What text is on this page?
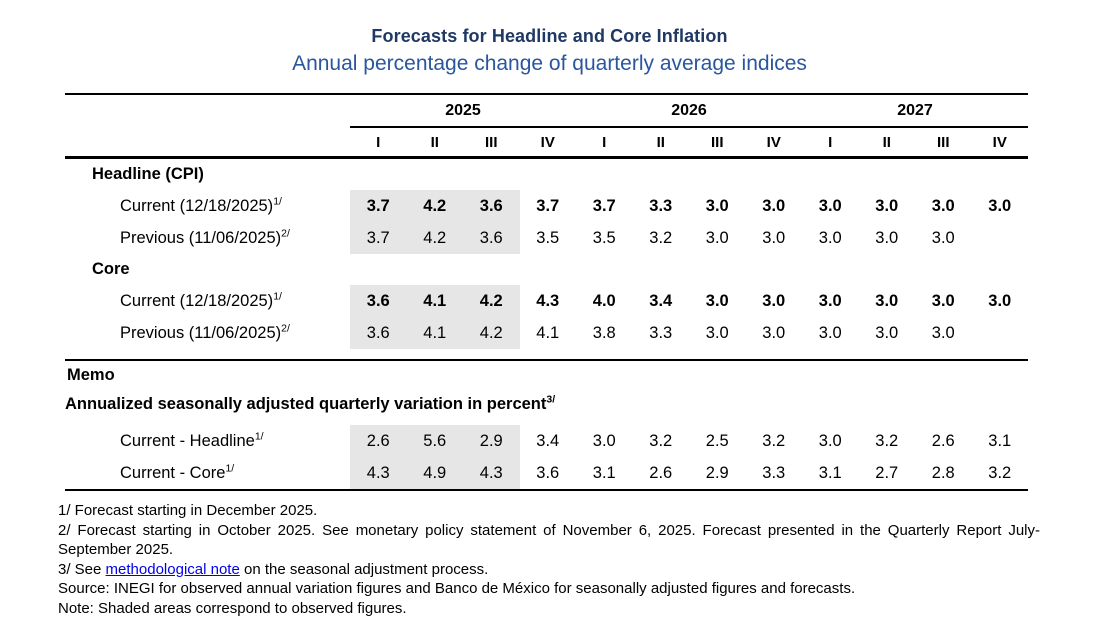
Forecasts for Headline and Core Inflation
Annual percentage change of quarterly average indices
2025	2026	2027
I	II	III	IV	I	II	III	IV	I	II	III	IV
Headline (CPI)
Current $(12/18/2025)^{1/}$	3.7	4.2	3.6	3.7	3.7	3.3	3.0	3.0	3.0	3.0	3.0	3.0
Previous $(11/06/2025)^{2/}$	3.7	4.2	3.6	3.5	3.5	3.2	3.0	3.0	3.0	3.0	3.0
Core
Current $(12/18/2025)^{1/}$	3.6	4.1	4.2	4.3	4.0	3.4	3.0	3.0	3.0	3.0	3.0	3.0
Previous $(11/06/2025)^{2/}$	3.6	4.1	4.2	4.1	3.8	3.3	3.0	3.0	3.0	3.0	3.0
Memo
Annualized seasonally adjusted quarterly variation in percent$^{3/}$
Current - Headline$^{1/}$	2.6	5.6	2.9	3.4	3.0	3.2	2.5	3.2	3.0	3.2	2.6	3.1
Current - Core$^{1/}$	4.3	4.9	4.3	3.6	3.1	2.6	2.9	3.3	3.1	2.7	2.8	3.2
1/ Forecast starting in December 2025.
2/ Forecast starting in October 2025. See monetary policy statement of November 6, 2025. Forecast presented in the Quarterly Report July-September 2025.
3/ See methodological note on the seasonal adjustment process.
Source: INEGI for observed annual variation figures and Banco de México for seasonally adjusted figures and forecasts.
Note: Shaded areas correspond to observed figures.
